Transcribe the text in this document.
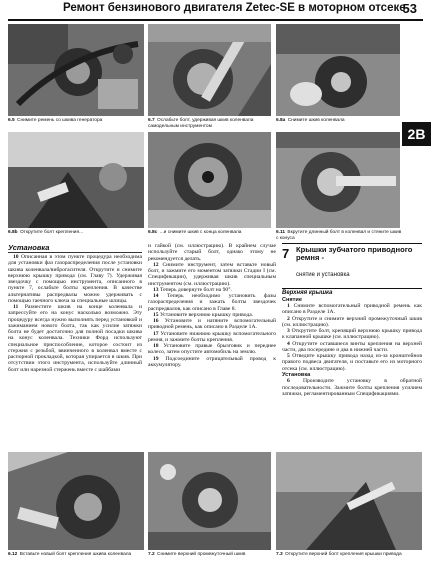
Ремонт бензинового двигателя Zetec-SE в моторном отсеке
53
2B
6.5 Снимите ремень со шкива генератора	6.7 Ослабьте болт, удерживая шкив коленвала самодельным инструментом
6.8а Снимите шкив коленвала
6.8b Открутите болт крепления...	6.8с ...и снимите шкив с конца коленвала	6.11 Вкрутите длинный болт в коленвал и стяните шкив с конуса
Установка

10 Описанная в этом пункте процедура необходима для установки фаз газораспределения после установки шкива коленвала/виброгасителя. Открутите и снимите верхнюю крышку привода (см. Главу 7). Удерживая звездочку с помощью инструмента, описанного в пункте 7, ослабьте болты крепления. В качестве альтернативы распредвалы можно удерживать с помощью гаечного ключа за специальные шлицы.

11 Разместите шкив на конце коленвала и запрессуйте его на конус насколько возможно. Эту процедуру всегда нужно выполнять перед установкой и зажиманием нового болта, так как усилие затяжки болта не будет достаточно для полной посадки шкива на конус коленвала. Техники Форд используют специальное приспособление, которое состоит из стержня с резьбой, ввинченного в коленвал вместе с распорной прокладкой, которая упирается в шкив. При отсутствии этого инструмента, используйте длинный болт или нарезной стержень вместе с шайбами

и гайкой (см. иллюстрацию). В крайнем случае используйте старый болт, однако этому не рекомендуется делать.

12 Снимите инструмент, затем вставьте новый болт, и зажмите его моментом затяжки Стадии I (см. Спецификации), удерживая шкив специальным инструментом (см. иллюстрацию).

13 Теперь довернуте болт на 90°.

14 Теперь необходимо установить фазы газораспределения и зажать болты звездочек распредвалов, как описано в Главе 8.

15 Установите верхнюю крышку привода.

16 Установите и натяните вспомогательный приводной ремень, как описано в Разделе 1А.

17 Установите нижнюю крышку вспомогательного ремня, и зажмите болты крепления.

18 Установите правые брызговик и переднее колесо, затем опустите автомобиль на землю.

19 Подсоедините отрицательный провод к аккумулятору.

7 Крышки зубчатого приводного ремня -
снятие и установка
Верхняя крышка
Снятие

1 Снимите вспомогательный приводной ремень как описано в Разделе 1А.

2 Открутите и снимите верхний промежуточный шкив (см. иллюстрацию).

3 Открутите болт, крепящий верхнюю крышку привода к клапанной крышке (см. иллюстрацию).

4 Открутите оставшиеся винты крепления на верхней части, два посередине и два в нижней части.

5 Отведите крышку привода назад из-за кронштейнов правого подвеса двигателя, и поставьте его из моторного отсека (см. иллюстрацию).

Установка

6 Производите установку в обратной последовательности. Зажмите болты крепления усилием затяжки, регламентированным Спецификациями.

6.12 Вставьте новый болт крепления шкива коленвала	7.2 Снимите верхний промежуточный шкив	7.3 Открутите верхний болт крепления крышки привода
